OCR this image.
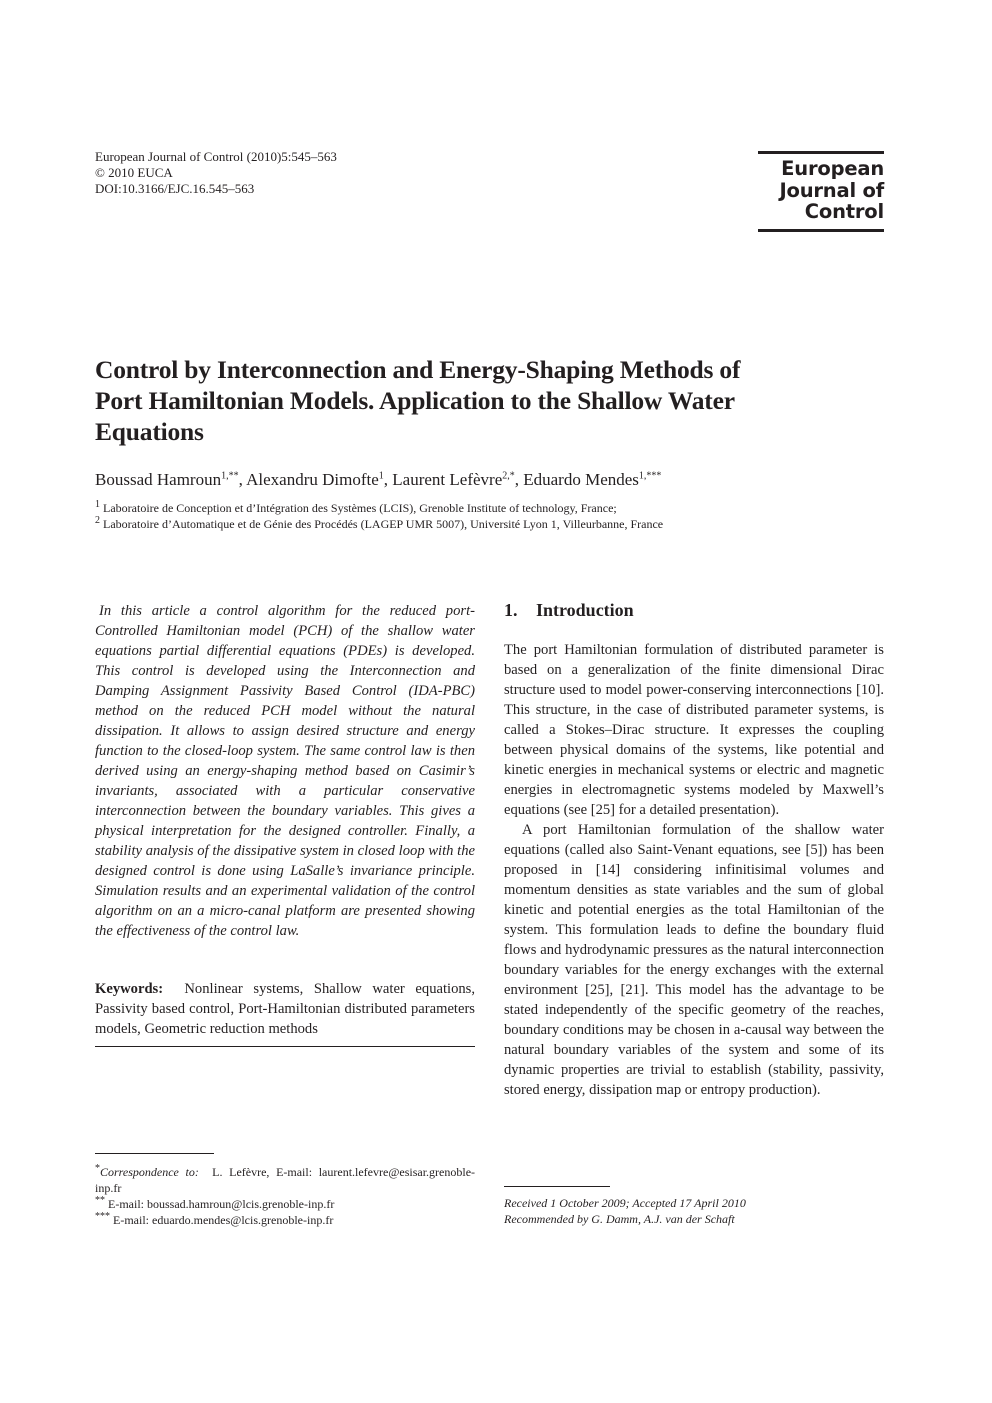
European Journal of Control (2010)5:545–563
© 2010 EUCA
DOI:10.3166/EJC.16.545–563
European
Journal of
Control
Control by Interconnection and Energy-Shaping Methods of Port Hamiltonian Models. Application to the Shallow Water Equations
Boussad Hamroun$^{1,**}$, Alexandru Dimofte$^1$, Laurent Lefèvre$^{2,*}$, Eduardo Mendes$^{1,***}$
$^1$ Laboratoire de Conception et d’Intégration des Systèmes (LCIS), Grenoble Institute of technology, France;
$^2$ Laboratoire d’Automatique et de Génie des Procédés (LAGEP UMR 5007), Université Lyon 1, Villeurbanne, France
In this article a control algorithm for the reduced port-Controlled Hamiltonian model (PCH) of the shallow water equations partial differential equations (PDEs) is developed. This control is developed using the Interconnection and Damping Assignment Passivity Based Control (IDA-PBC) method on the reduced PCH model without the natural dissipation. It allows to assign desired structure and energy function to the closed-loop system. The same control law is then derived using an energy-shaping method based on Casimir’s invariants, associated with a particular conservative interconnection between the boundary variables. This gives a physical interpretation for the designed controller. Finally, a stability analysis of the dissipative system in closed loop with the designed control is done using LaSalle’s invariance principle. Simulation results and an experimental validation of the control algorithm on an a micro-canal platform are presented showing the effectiveness of the control law.
Keywords: Nonlinear systems, Shallow water equations, Passivity based control, Port-Hamiltonian distributed parameters models, Geometric reduction methods
*Correspondence to: L. Lefèvre, E-mail: laurent.lefevre@esisar.grenoble-inp.fr
** E-mail: boussad.hamroun@lcis.grenoble-inp.fr
*** E-mail: eduardo.mendes@lcis.grenoble-inp.fr
1. Introduction

The port Hamiltonian formulation of distributed parameter is based on a generalization of the finite dimensional Dirac structure used to model power-conserving interconnections [10]. This structure, in the case of distributed parameter systems, is called a Stokes–Dirac structure. It expresses the coupling between physical domains of the systems, like potential and kinetic energies in mechanical systems or electric and magnetic energies in electromagnetic systems modeled by Maxwell’s equations (see [25] for a detailed presentation).

A port Hamiltonian formulation of the shallow water equations (called also Saint-Venant equations, see [5]) has been proposed in [14] considering infinitisimal volumes and momentum densities as state variables and the sum of global kinetic and potential energies as the total Hamiltonian of the system. This formulation leads to define the boundary fluid flows and hydrodynamic pressures as the natural interconnection boundary variables for the energy exchanges with the external environment [25], [21]. This model has the advantage to be stated independently of the specific geometry of the reaches, boundary conditions may be chosen in a-causal way between the natural boundary variables of the system and some of its dynamic properties are trivial to establish (stability, passivity, stored energy, dissipation map or entropy production).

Received 1 October 2009; Accepted 17 April 2010
Recommended by G. Damm, A.J. van der Schaft
